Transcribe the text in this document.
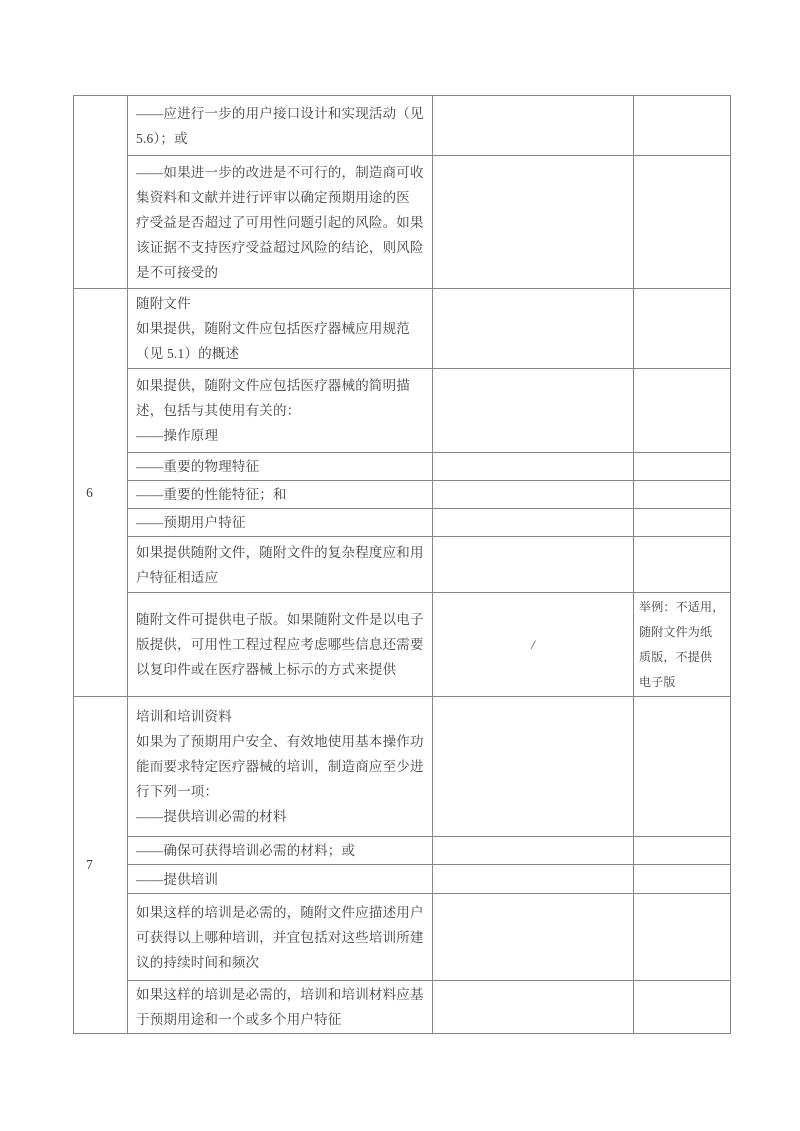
	——应进行一步的用户接口设计和实现活动（见
5.6）；或		
	——如果进一步的改进是不可行的，制造商可收
集资料和文献并进行评审以确定预期用途的医
疗受益是否超过了可用性问题引起的风险。如果
该证据不支持医疗受益超过风险的结论，则风险
是不可接受的		
6	随附文件
如果提供，随附文件应包括医疗器械应用规范
（见 5.1）的概述		
	如果提供，随附文件应包括医疗器械的简明描
述，包括与其使用有关的：
——操作原理		
	——重要的物理特征		
	——重要的性能特征；和		
	——预期用户特征		
	如果提供随附文件，随附文件的复杂程度应和用
户特征相适应		
	随附文件可提供电子版。如果随附文件是以电子
版提供，可用性工程过程应考虑哪些信息还需要
以复印件或在医疗器械上标示的方式来提供	/	举例：不适用，
随附文件为纸
质版，不提供
电子版
7	培训和培训资料
如果为了预期用户安全、有效地使用基本操作功
能而要求特定医疗器械的培训，制造商应至少进
行下列一项：
——提供培训必需的材料		
	——确保可获得培训必需的材料；或		
	——提供培训		
	如果这样的培训是必需的，随附文件应描述用户
可获得以上哪种培训，并宜包括对这些培训所建
议的持续时间和频次		
	如果这样的培训是必需的，培训和培训材料应基
于预期用途和一个或多个用户特征		
